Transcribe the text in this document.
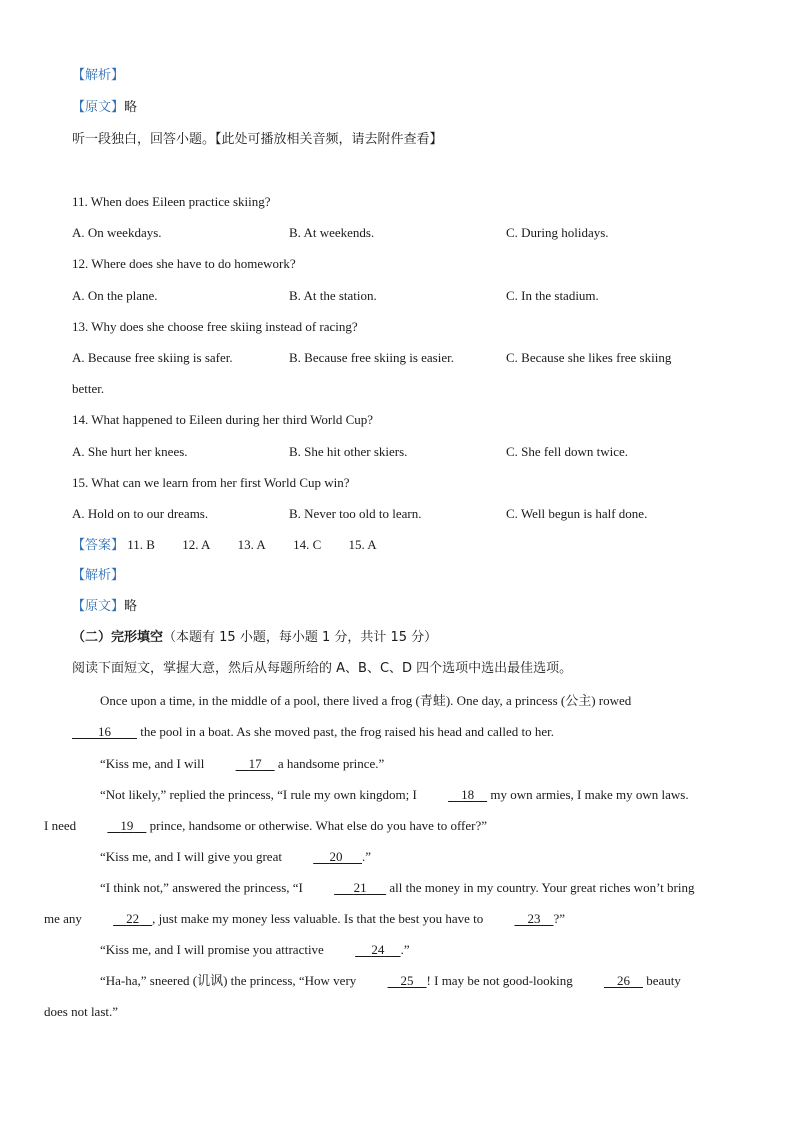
【解析】
【原文】略
听一段独白，回答小题。【此处可播放相关音频，请去附件查看】
11. When does Eileen practice skiing?
A. On weekdays.	B. At weekends.	C. During holidays.
12. Where does she have to do homework?
A. On the plane.	B. At the station.	C. In the stadium.
13. Why does she choose free skiing instead of racing?
A. Because free skiing is safer.	B. Because free skiing is easier.	C. Because she likes free skiing
better.
14. What happened to Eileen during her third World Cup?
A. She hurt her knees.	B. She hit other skiers.	C. She fell down twice.
15. What can we learn from her first World Cup win?
A. Hold on to our dreams.	B. Never too old to learn.	C. Well begun is half done.
【答案】 11. B 12. A 13. A 14. C 15. A
【解析】
【原文】略
（二）完形填空（本题有 15 小题，每小题 1 分，共计 15 分）
阅读下面短文，掌握大意，然后从每题所给的 A、B、C、D 四个选项中选出最佳选项。
Once upon a time, in the middle of a pool, there lived a frog (青蛙). One day, a princess (公主) rowed
16         the pool in a boat. As she moved past, the frog raised his head and called to her.
“Kiss me, and I will	17     a handsome prince.”
“Not likely,” replied the princess, “I rule my own kingdom; I	18     my own armies, I make my own laws.
I need	19     prince, handsome or otherwise. What else do you have to offer?”
“Kiss me, and I will give you great	20 .”
“I think not,” answered the princess, “I	21       all the money in my country. Your great riches won’t bring
me any	22 , just make my money less valuable. Is that the best you have to	23 ?”
“Kiss me, and I will promise you attractive	24 .”
“Ha-ha,” sneered (讥讽) the princess, “How very	25 ! I may be not good-looking	26     beauty
does not last.”
